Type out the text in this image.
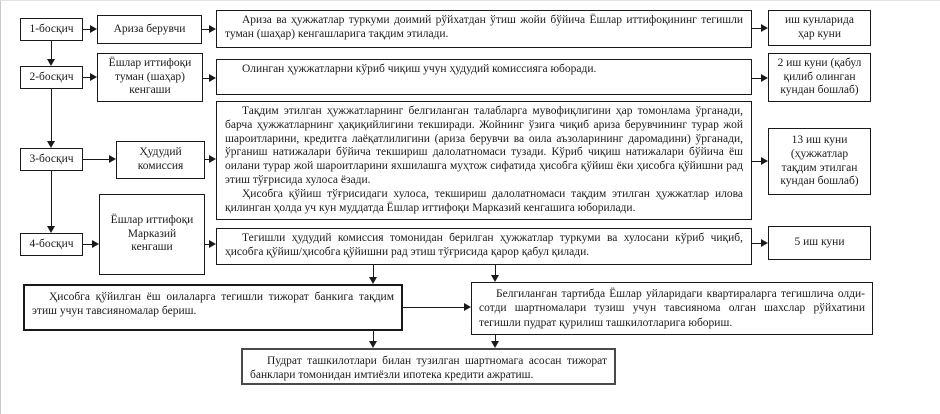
1-босқич
2-босқич
3-босқич
4-босқич
Ариза берувчи
Ёшлар иттифоқи туман (шаҳар) кенгаши
Ҳудудий комиссия
Ёшлар иттифоқи Марказий кенгаши

Ариза ва ҳужжатлар туркуми доимий рўйхатдан ўтиш жойи бўйича Ёшлар иттифоқининг тегишли туман (шаҳар) кенгашларига тақдим этилади.

Олинган ҳужжатларни кўриб чиқиш учун ҳудудий комиссияга юборади.

Тақдим этилган ҳужжатларнинг белгиланган талабларга мувофиқлигини ҳар томонлама ўрганади, барча ҳужжатларнинг ҳақиқийлигини текширади. Жойнинг ўзига чиқиб ариза берувчининг турар жой шароитларини, кредитга лаёқатлилигини (ариза берувчи ва оила аъзоларининг даромадини) ўрганади, ўрганиш натижалари бўйича текшириш далолатномаси тузади. Кўриб чиқиш натижалари бўйича ёш оилани турар жой шароитларини яхшилашга муҳтож сифатида ҳисобга қўйиш ёки ҳисобга қўйишни рад этиш тўғрисида хулоса ёзади.

Ҳисобга қўйиш тўғрисидаги хулоса, текшириш далолатномаси тақдим этилган ҳужжатлар илова қилинган ҳолда уч кун муддатда Ёшлар иттифоқи Марказий кенгашига юборилади.

Тегишли ҳудудий комиссия томонидан берилган ҳужжатлар туркуми ва хулосани кўриб чиқиб, ҳисобга қўйиш/ҳисобга қўйишни рад этиш тўғрисида қарор қабул қилади.

иш кунларида ҳар куни
2 иш куни (қабул қилиб олинган кундан бошлаб)
13 иш куни (ҳужжатлар тақдим этилган кундан бошлаб)
5 иш куни

Ҳисобга қўйилган ёш оилаларга тегишли тижорат банкига тақдим этиш учун тавсияномалар бериш.

Белгиланган тартибда Ёшлар уйларидаги квартираларга тегишлича олди-сотди шартномалари тузиш учун тавсиянома олган шахслар рўйхатини тегишли пудрат қурилиш ташкилотларига юбориш.

Пудрат ташкилотлари билан тузилган шартномага асосан тижорат банклари томонидан имтиёзли ипотека кредити ажратиш.
